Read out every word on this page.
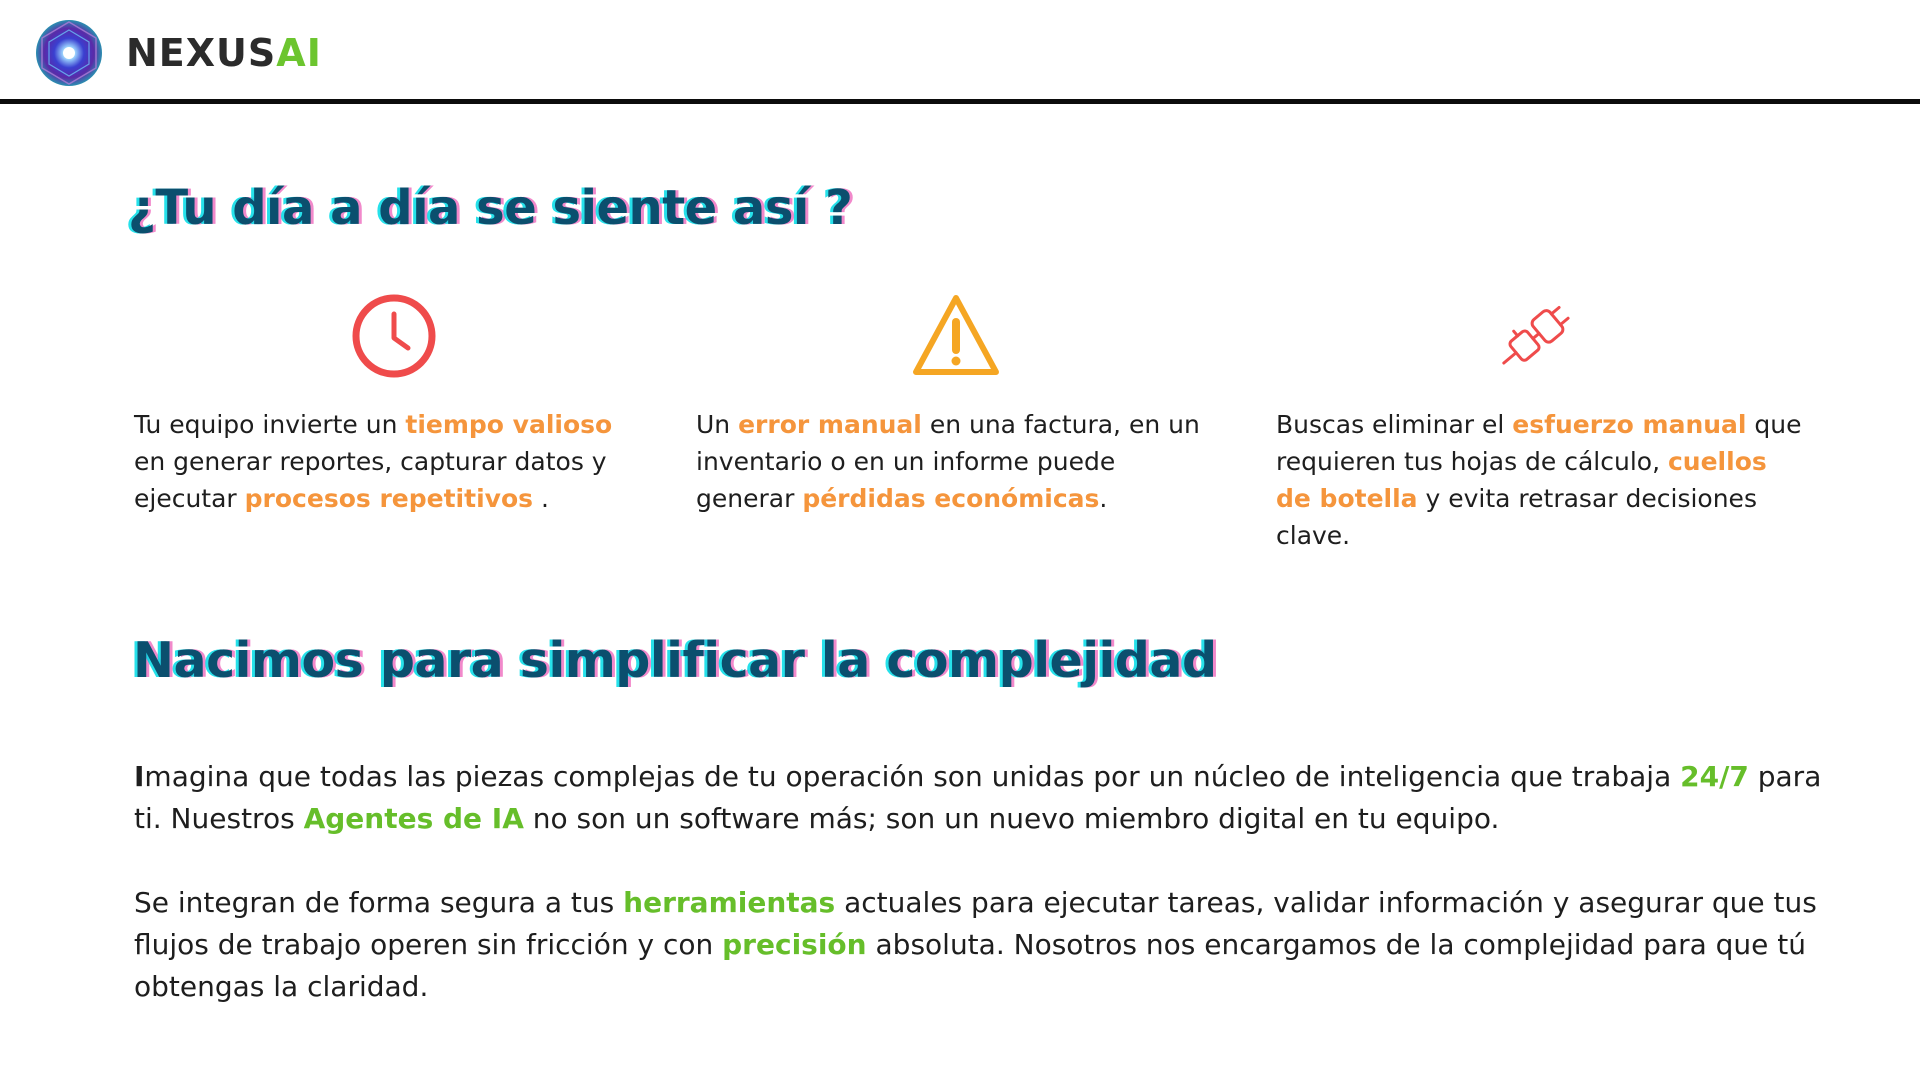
NEXUSAI
¿Tu día a día se siente así ?

Tu equipo invierte un tiempo valioso en generar reportes, capturar datos y ejecutar procesos repetitivos .

Un error manual en una factura, en un inventario o en un informe puede generar pérdidas económicas.

Buscas eliminar el esfuerzo manual que requieren tus hojas de cálculo, cuellos de botella y evita retrasar decisiones clave.

Nacimos para simplificar la complejidad

Imagina que todas las piezas complejas de tu operación son unidas por un núcleo de inteligencia que trabaja 24/7 para ti. Nuestros Agentes de IA no son un software más; son un nuevo miembro digital en tu equipo.

Se integran de forma segura a tus herramientas actuales para ejecutar tareas, validar información y asegurar que tus flujos de trabajo operen sin fricción y con precisión absoluta. Nosotros nos encargamos de la complejidad para que tú obtengas la claridad.
